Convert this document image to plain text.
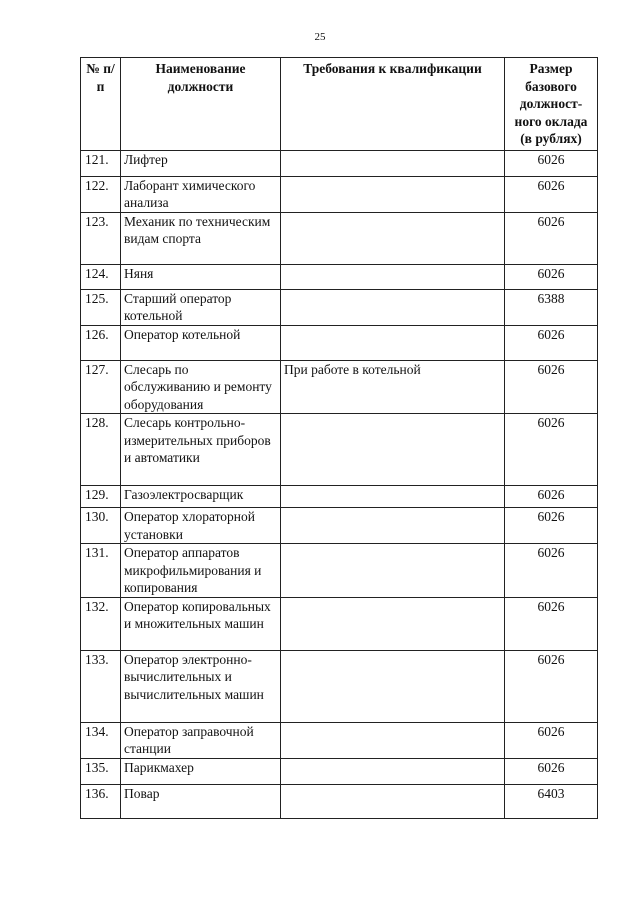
25
№ п/п	Наименование должности	Требования к квалификации	Размер базового должност-ного оклада (в рублях)
121.	Лифтер		6026
122.	Лаборант химического анализа		6026
123.	Механик по техническим видам спорта		6026
124.	Няня		6026
125.	Старший оператор котельной		6388
126.	Оператор котельной		6026
127.	Слесарь по обслуживанию и ремонту оборудования	При работе в котельной	6026
128.	Слесарь контрольно-измерительных приборов и автоматики		6026
129.	Газоэлектросварщик		6026
130.	Оператор хлораторной установки		6026
131.	Оператор аппаратов микрофильмирования и копирования		6026
132.	Оператор копировальных и множительных машин		6026
133.	Оператор электронно-вычислительных и вычислительных машин		6026
134.	Оператор заправочной станции		6026
135.	Парикмахер		6026
136.	Повар		6403
